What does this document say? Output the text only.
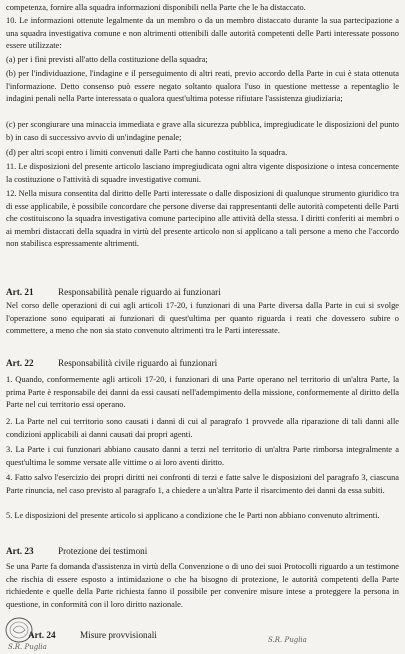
competenza, fornire alla squadra informazioni disponibili nella Parte che le ha distaccato.

10. Le informazioni ottenute legalmente da un membro o da un membro distaccato durante la sua partecipazione a una squadra investigativa comune e non altrimenti ottenibili dalle autorità competenti delle Parti interessate possono essere utilizzate:

(a) per i fini previsti all'atto della costituzione della squadra;

(b) per l'individuazione, l'indagine e il perseguimento di altri reati, previo accordo della Parte in cui è stata ottenuta l'informazione. Detto consenso può essere negato soltanto qualora l'uso in questione mettesse a repentaglio le indagini penali nella Parte interessata o qualora quest'ultima potesse rifiutare l'assistenza giudiziaria;

(c) per scongiurare una minaccia immediata e grave alla sicurezza pubblica, impregiudicate le disposizioni del punto b) in caso di successivo avvio di un'indagine penale;

(d) per altri scopi entro i limiti convenuti dalle Parti che hanno costituito la squadra.

11. Le disposizioni del presente articolo lasciano impregiudicata ogni altra vigente disposizione o intesa concernente la costituzione o l'attività di squadre investigative comuni.

12. Nella misura consentita dal diritto delle Parti interessate o dalle disposizioni di qualunque strumento giuridico tra di esse applicabile, è possibile concordare che persone diverse dai rappresentanti delle autorità competenti delle Parti che costituiscono la squadra investigativa comune partecipino alle attività della stessa. I diritti conferiti ai membri o ai membri distaccati della squadra in virtù del presente articolo non si applicano a tali persone a meno che l'accordo non stabilisca espressamente altrimenti.

Art. 21	Responsabilità penale riguardo ai funzionari

Nel corso delle operazioni di cui agli articoli 17-20, i funzionari di una Parte diversa dalla Parte in cui si svolge l'operazione sono equiparati ai funzionari di quest'ultima per quanto riguarda i reati che dovessero subire o commettere, a meno che non sia stato convenuto altrimenti tra le Parti interessate.

Art. 22	Responsabilità civile riguardo ai funzionari

1. Quando, conformemente agli articoli 17-20, i funzionari di una Parte operano nel territorio di un'altra Parte, la prima Parte è responsabile dei danni da essi causati nell'adempimento della missione, conformemente al diritto della Parte nel cui territorio essi operano.

2. La Parte nel cui territorio sono causati i danni di cui al paragrafo 1 provvede alla riparazione di tali danni alle condizioni applicabili ai danni causati dai propri agenti.

3. La Parte i cui funzionari abbiano causato danni a terzi nel territorio di un'altra Parte rimborsa integralmente a quest'ultima le somme versate alle vittime o ai loro aventi diritto.

4. Fatto salvo l'esercizio dei propri diritti nei confronti di terzi e fatte salve le disposizioni del paragrafo 3, ciascuna Parte rinuncia, nel caso previsto al paragrafo 1, a chiedere a un'altra Parte il risarcimento dei danni da essa subiti.

5. Le disposizioni del presente articolo si applicano a condizione che le Parti non abbiano convenuto altrimenti.

Art. 23	Protezione dei testimoni

Se una Parte fa domanda d'assistenza in virtù della Convenzione o di uno dei suoi Protocolli riguardo a un testimone che rischia di essere esposto a intimidazione o che ha bisogno di protezione, le autorità competenti della Parte richiedente e quelle della Parte richiesta fanno il possibile per convenire misure intese a proteggere la persona in questione, in conformità con il loro diritto nazionale.

Art. 24	Misure provvisionali
S.R. Puglia
S.R. Puglia
